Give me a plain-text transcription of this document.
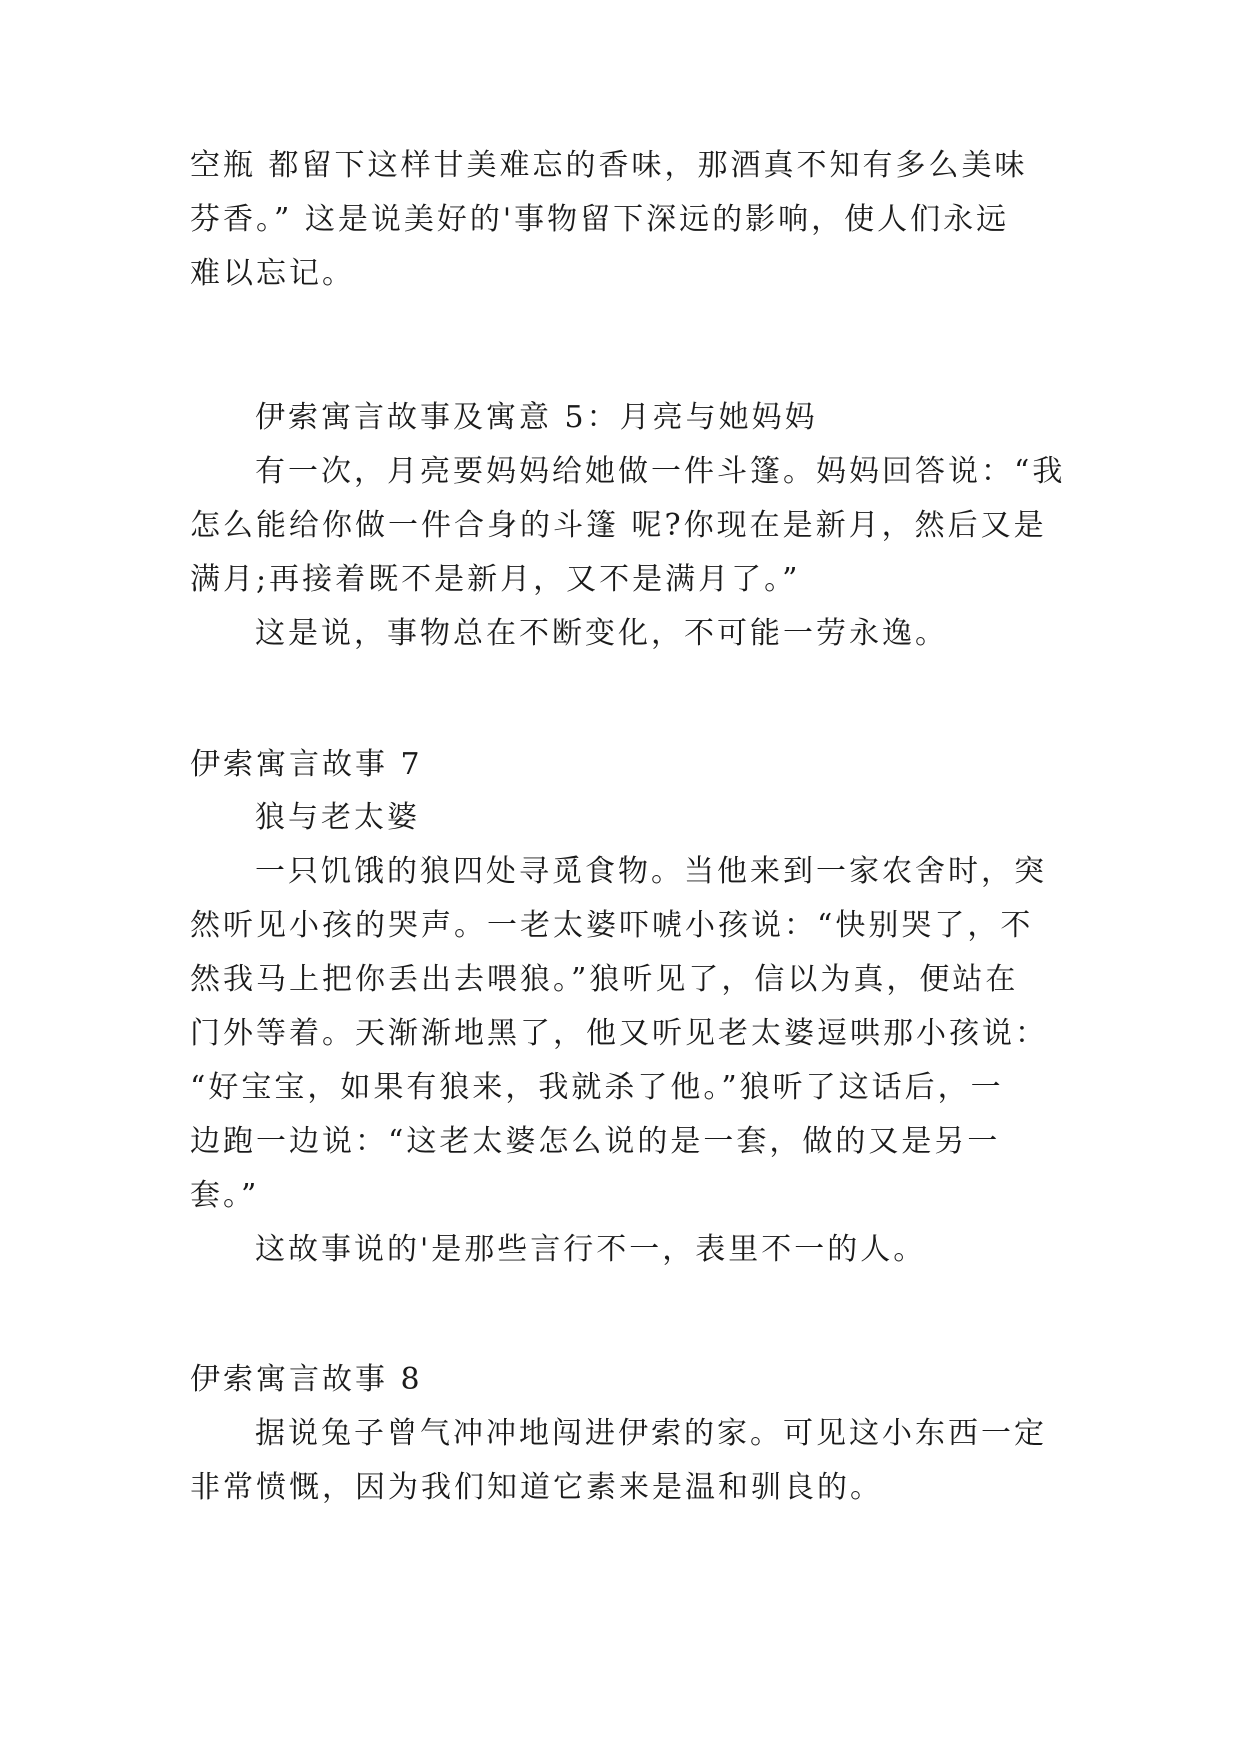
空瓶 都留下这样甘美难忘的香味，那酒真不知有多么美味
芬香。” 这是说美好的'事物留下深远的影响，使人们永远
难以忘记。
伊索寓言故事及寓意 5：月亮与她妈妈
有一次，月亮要妈妈给她做一件斗篷。妈妈回答说：“我
怎么能给你做一件合身的斗篷 呢?你现在是新月，然后又是
满月;再接着既不是新月，又不是满月了。”
这是说，事物总在不断变化，不可能一劳永逸。
伊索寓言故事 7
狼与老太婆
一只饥饿的狼四处寻觅食物。当他来到一家农舍时，突
然听见小孩的哭声。一老太婆吓唬小孩说：“快别哭了，不
然我马上把你丢出去喂狼。”狼听见了，信以为真，便站在
门外等着。天渐渐地黑了，他又听见老太婆逗哄那小孩说：
“好宝宝，如果有狼来，我就杀了他。”狼听了这话后，一
边跑一边说：“这老太婆怎么说的是一套，做的又是另一
套。”
这故事说的'是那些言行不一，表里不一的人。
伊索寓言故事 8
据说兔子曾气冲冲地闯进伊索的家。可见这小东西一定
非常愤慨，因为我们知道它素来是温和驯良的。
